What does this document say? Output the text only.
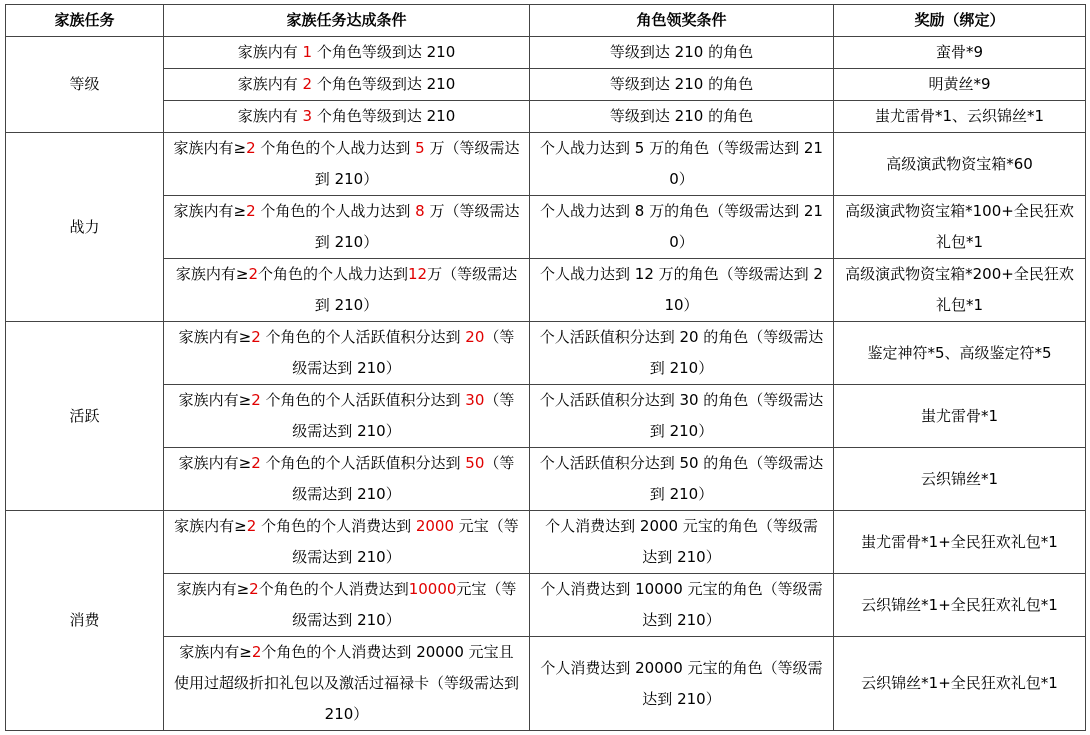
家族任务	家族任务达成条件	角色领奖条件	奖励（绑定）
等级	家族内有 1 个角色等级到达 210	等级到达 210 的角色	蛮骨*9
	家族内有 2 个角色等级到达 210	等级到达 210 的角色	明黄丝*9
	家族内有 3 个角色等级到达 210	等级到达 210 的角色	蚩尤雷骨*1、云织锦丝*1
战力	家族内有≥2 个角色的个人战力达到 5 万（等级需达到 210）	个人战力达到 5 万的角色（等级需达到 210）	高级演武物资宝箱*60
	家族内有≥2 个角色的个人战力达到 8 万（等级需达到 210）	个人战力达到 8 万的角色（等级需达到 210）	高级演武物资宝箱*100+全民狂欢礼包*1
	家族内有≥2个角色的个人战力达到12万（等级需达到 210）	个人战力达到 12 万的角色（等级需达到 210）	高级演武物资宝箱*200+全民狂欢礼包*1
活跃	家族内有≥2 个角色的个人活跃值积分达到 20（等级需达到 210）	个人活跃值积分达到 20 的角色（等级需达到 210）	鉴定神符*5、高级鉴定符*5
	家族内有≥2 个角色的个人活跃值积分达到 30（等级需达到 210）	个人活跃值积分达到 30 的角色（等级需达到 210）	蚩尤雷骨*1
	家族内有≥2 个角色的个人活跃值积分达到 50（等级需达到 210）	个人活跃值积分达到 50 的角色（等级需达到 210）	云织锦丝*1
消费	家族内有≥2 个角色的个人消费达到 2000 元宝（等级需达到 210）	个人消费达到 2000 元宝的角色（等级需达到 210）	蚩尤雷骨*1+全民狂欢礼包*1
	家族内有≥2个角色的个人消费达到10000元宝（等级需达到 210）	个人消费达到 10000 元宝的角色（等级需达到 210）	云织锦丝*1+全民狂欢礼包*1
	家族内有≥2个角色的个人消费达到 20000 元宝且使用过超级折扣礼包以及激活过福禄卡（等级需达到 210）	个人消费达到 20000 元宝的角色（等级需达到 210）	云织锦丝*1+全民狂欢礼包*1
